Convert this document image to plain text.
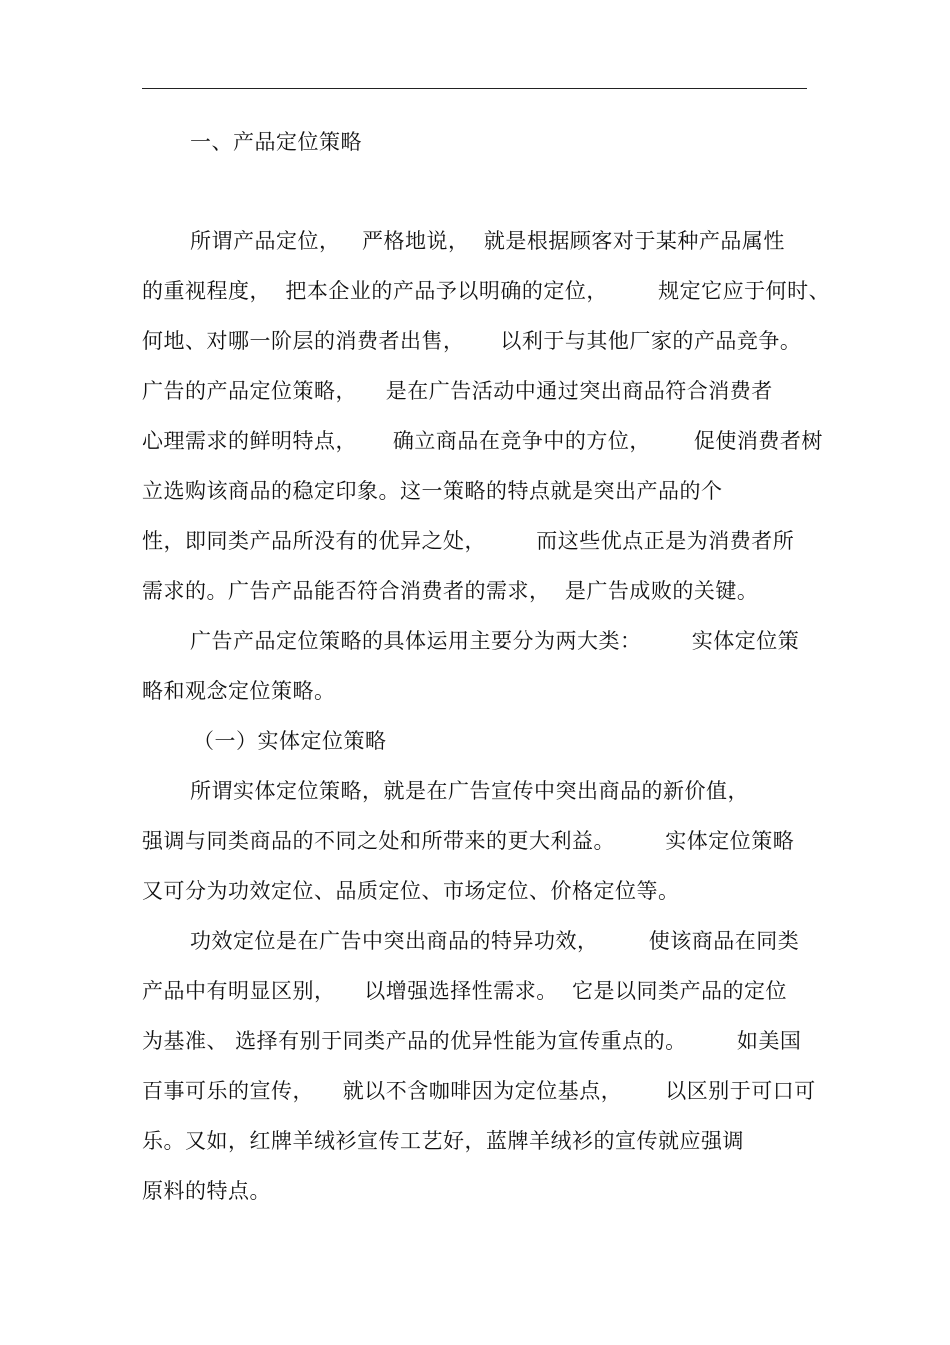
一、产品定位策略
所谓产品定位，   严格地说，  就是根据顾客对于某种产品属性
的重视程度，  把本企业的产品予以明确的定位，       规定它应于何时、
何地、对哪一阶层的消费者出售，     以利于与其他厂家的产品竞争。
广告的产品定位策略，    是在广告活动中通过突出商品符合消费者
心理需求的鲜明特点，     确立商品在竞争中的方位，      促使消费者树
立选购该商品的稳定印象。这一策略的特点就是突出产品的个
性，即同类产品所没有的优异之处，       而这些优点正是为消费者所
需求的。广告产品能否符合消费者的需求，  是广告成败的关键。
广告产品定位策略的具体运用主要分为两大类：       实体定位策
略和观念定位策略。
（一）实体定位策略
所谓实体定位策略，就是在广告宣传中突出商品的新价值，
强调与同类商品的不同之处和所带来的更大利益。       实体定位策略
又可分为功效定位、品质定位、市场定位、价格定位等。
功效定位是在广告中突出商品的特异功效，       使该商品在同类
产品中有明显区别，    以增强选择性需求。  它是以同类产品的定位
为基准、 选择有别于同类产品的优异性能为宣传重点的。       如美国
百事可乐的宣传，    就以不含咖啡因为定位基点，      以区别于可口可
乐。又如，红牌羊绒衫宣传工艺好，蓝牌羊绒衫的宣传就应强调
原料的特点。
